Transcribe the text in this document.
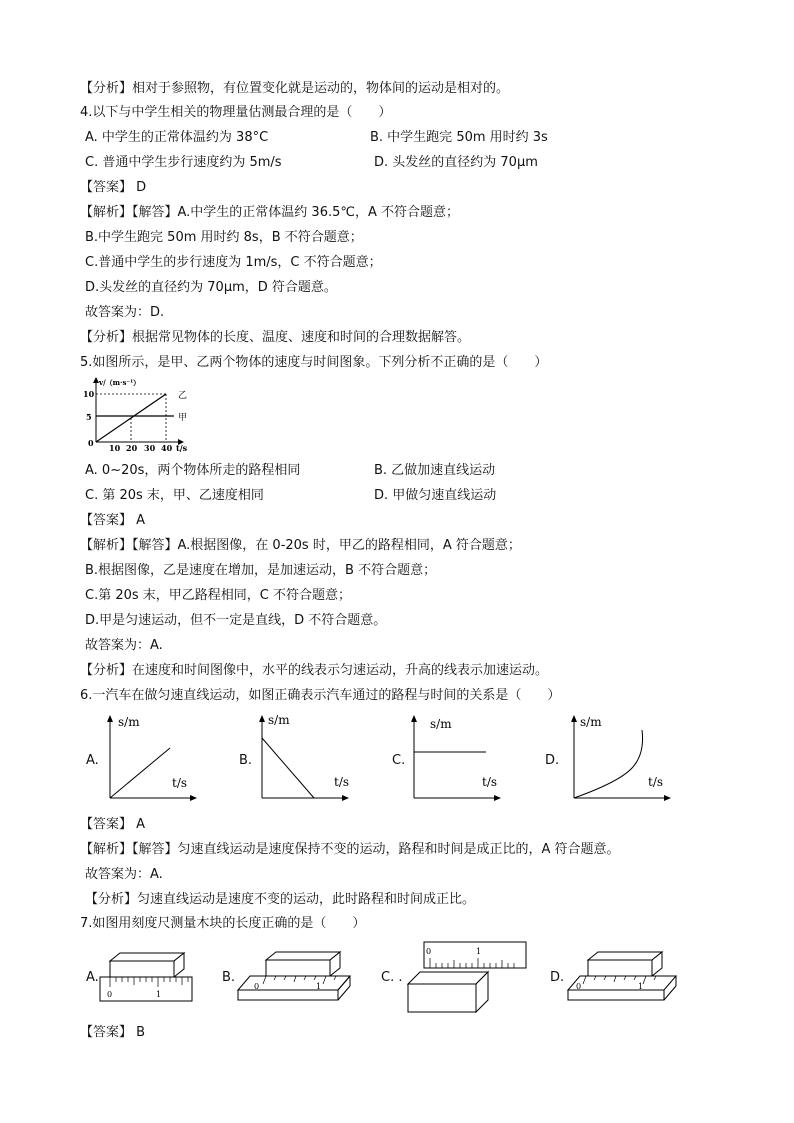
【分析】相对于参照物，有位置变化就是运动的，物体间的运动是相对的。
4.以下与中学生相关的物理量估测最合理的是（　　）
A. 中学生的正常体温约为 38°C	B. 中学生跑完 50m 用时约 3s
C. 普通中学生步行速度约为 5m/s	D. 头发丝的直径约为 70μm
【答案】 D
【解析】【解答】A.中学生的正常体温约 36.5℃，A 不符合题意；
B.中学生跑完 50m 用时约 8s，B 不符合题意；
C.普通中学生的步行速度为 1m/s，C 不符合题意；
D.头发丝的直径约为 70μm，D 符合题意。
故答案为：D.
【分析】根据常见物体的长度、温度、速度和时间的合理数据解答。
5.如图所示，是甲、乙两个物体的速度与时间图象。下列分析不正确的是（　　）
v/（m·s⁻¹）
10
5
0 10 20 30 40 t/s
乙
甲
A. 0~20s，两个物体所走的路程相同	B. 乙做加速直线运动
C. 第 20s 末，甲、乙速度相同	D. 甲做匀速直线运动
【答案】 A
【解析】【解答】A.根据图像，在 0-20s 时，甲乙的路程相同，A 符合题意；
B.根据图像，乙是速度在增加，是加速运动，B 不符合题意；
C.第 20s 末，甲乙路程相同，C 不符合题意；
D.甲是匀速运动，但不一定是直线，D 不符合题意。
故答案为：A.
【分析】在速度和时间图像中，水平的线表示匀速运动，升高的线表示加速运动。
6.一汽车在做匀速直线运动，如图正确表示汽车通过的路程与时间的关系是（　　）
A.
s/m
t/s
B.
s/m
t/s
C.
s/m
t/s
D.
s/m
t/s
【答案】 A
【解析】【解答】匀速直线运动是速度保持不变的运动，路程和时间是成正比的，A 符合题意。
故答案为：A.
【分析】匀速直线运动是速度不变的运动，此时路程和时间成正比。
7.如图用刻度尺测量木块的长度正确的是（　　）
A.
0	1
B.
0	1
C. .
0	1
D.
0	1
【答案】 B
